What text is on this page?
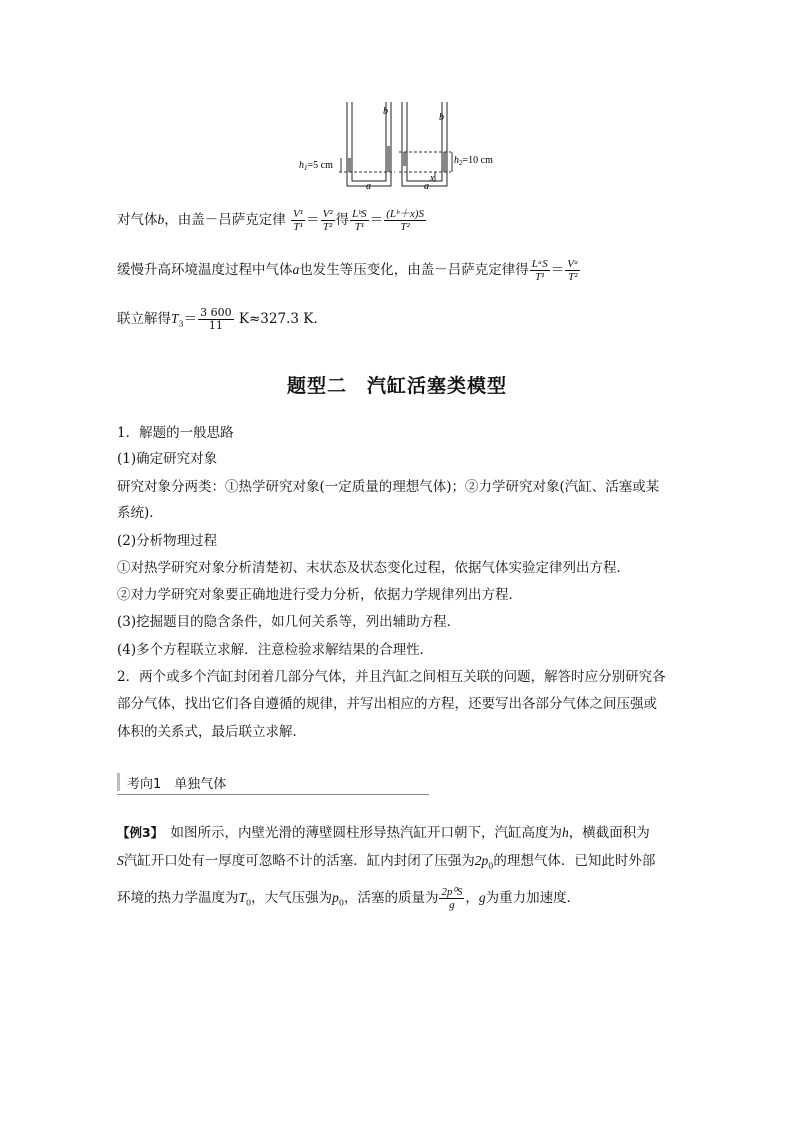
$h_1=5$ cm	$h_2=10$ cm
b
b
a	a
x
对气体b，由盖－吕萨克定律 $\frac{\text{V¹}}{\text{T¹}} = \frac{\text{V²}}{\text{T²}}$ 得 $\frac{\text{LᵇS}}{\text{T¹}} = \frac{\text{(Lᵇ＋x)S}}{\text{T²}}$
缓慢升高环境温度过程中气体a也发生等压变化，由盖－吕萨克定律得 $\frac{\text{LᵃS}}{\text{T¹}} = \frac{\text{Vᵃ}}{\text{T²}}$
联立解得$T_3= \frac{3 600}{11} K\approx 327.3$ K.
题型二　汽缸活塞类模型
1．解题的一般思路
(1)确定研究对象
研究对象分两类：①热学研究对象(一定质量的理想气体)；②力学研究对象(汽缸、活塞或某
系统)．
(2)分析物理过程
①对热学研究对象分析清楚初、末状态及状态变化过程，依据气体实验定律列出方程．
②对力学研究对象要正确地进行受力分析，依据力学规律列出方程．
(3)挖掘题目的隐含条件，如几何关系等，列出辅助方程．
(4)多个方程联立求解．注意检验求解结果的合理性．
2．两个或多个汽缸封闭着几部分气体，并且汽缸之间相互关联的问题，解答时应分别研究各
部分气体，找出它们各自遵循的规律，并写出相应的方程，还要写出各部分气体之间压强或
体积的关系式，最后联立求解．
考向1　单独气体
【例3】　如图所示，内壁光滑的薄壁圆柱形导热汽缸开口朝下，汽缸高度为h，横截面积为
S汽缸开口处有一厚度可忽略不计的活塞．缸内封闭了压强为$2p_0$的理想气体．已知此时外部
环境的热力学温度为$T_0$，大气压强为$p_0$，活塞的质量为 $\frac{\text{2p⁰S}}{g}$ ，g为重力加速度．
